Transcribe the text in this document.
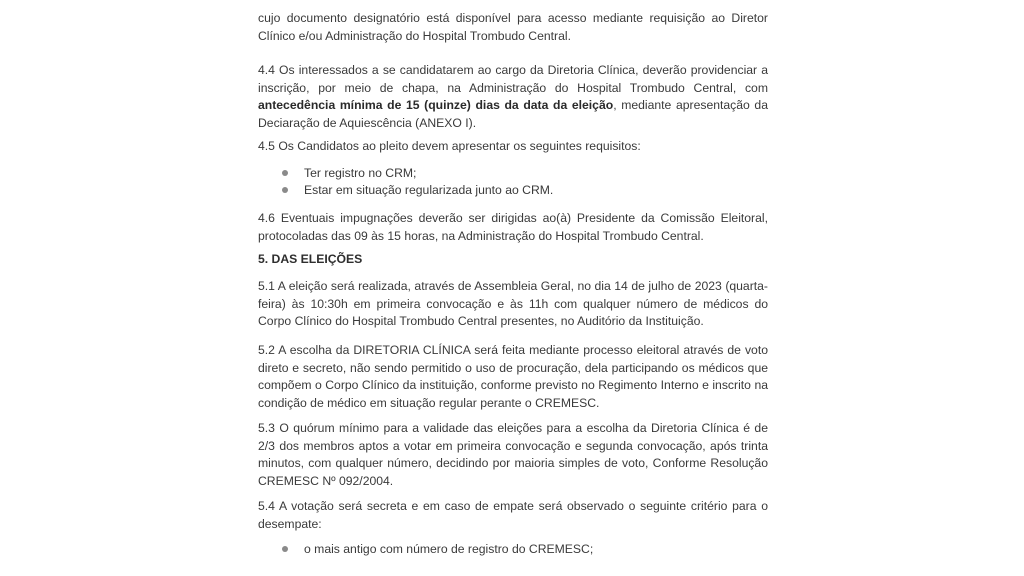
cujo documento designatório está disponível para acesso mediante requisição ao Diretor Clínico e/ou Administração do Hospital Trombudo Central.

4.4 Os interessados a se candidatarem ao cargo da Diretoria Clínica, deverão providenciar a inscrição, por meio de chapa, na Administração do Hospital Trombudo Central, com antecedência mínima de 15 (quinze) dias da data da eleição, mediante apresentação da Deciaração de Aquiescência (ANEXO I).

4.5 Os Candidatos ao pleito devem apresentar os seguintes requisitos:

Ter registro no CRM;

Estar em situação regularizada junto ao CRM.

4.6 Eventuais impugnações deverão ser dirigidas ao(à) Presidente da Comissão Eleitoral, protocoladas das 09 às 15 horas, na Administração do Hospital Trombudo Central.

5. DAS ELEIÇÕES

5.1 A eleição será realizada, através de Assembleia Geral, no dia 14 de julho de 2023 (quarta-feira) às 10:30h em primeira convocação e às 11h com qualquer número de médicos do Corpo Clínico do Hospital Trombudo Central presentes, no Auditório da Instituição.

5.2 A escolha da DIRETORIA CLÍNICA será feita mediante processo eleitoral através de voto direto e secreto, não sendo permitido o uso de procuração, dela participando os médicos que compõem o Corpo Clínico da instituição, conforme previsto no Regimento Interno e inscrito na condição de médico em situação regular perante o CREMESC.

5.3 O quórum mínimo para a validade das eleições para a escolha da Diretoria Clínica é de 2/3 dos membros aptos a votar em primeira convocação e segunda convocação, após trinta minutos, com qualquer número, decidindo por maioria simples de voto, Conforme Resolução CREMESC Nº 092/2004.

5.4 A votação será secreta e em caso de empate será observado o seguinte critério para o desempate:

o mais antigo com número de registro do CREMESC;
